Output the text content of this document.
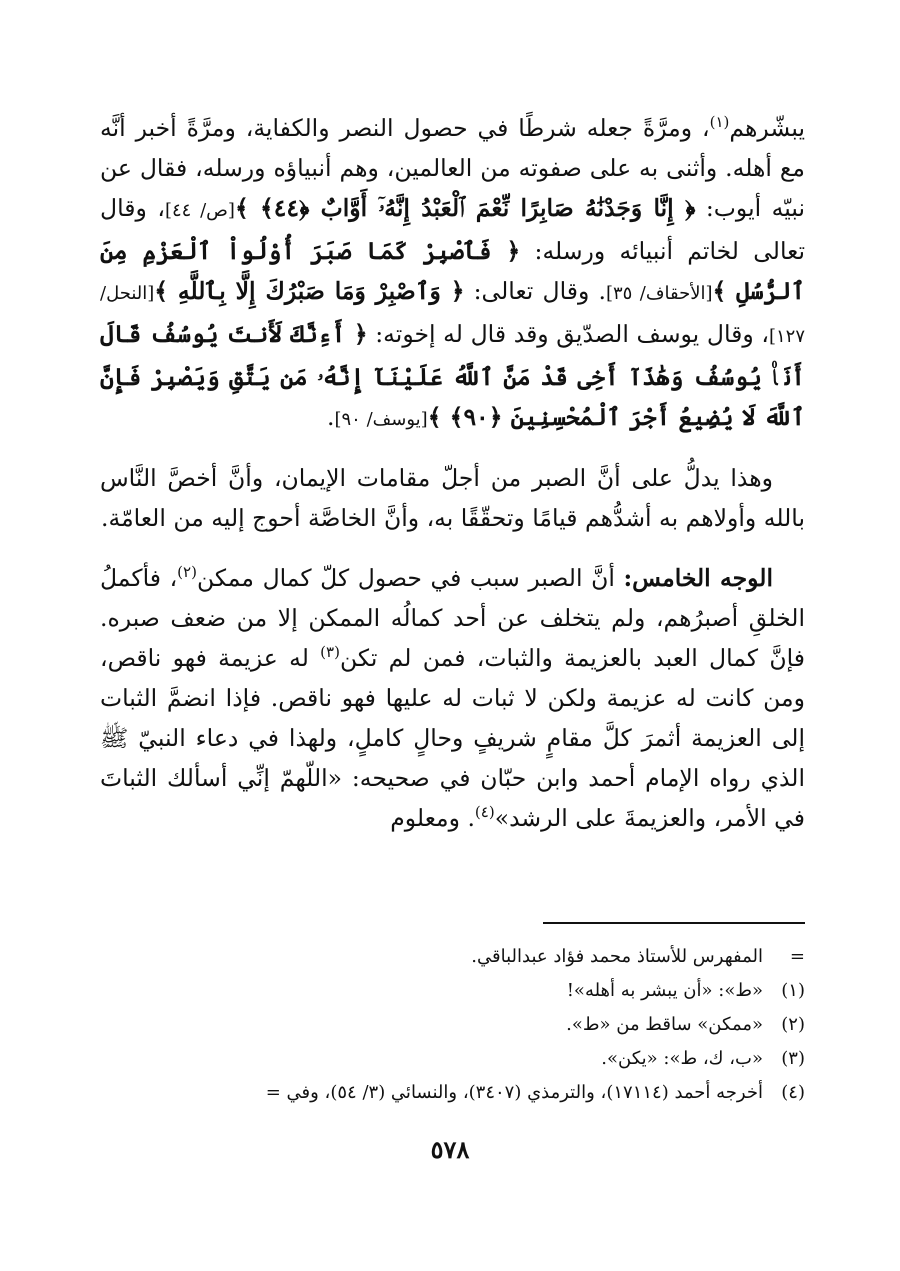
يبشّرهم$^{(١)}$، ومرَّةً جعله شرطًا في حصول النصر والكفاية، ومرَّةً أخبر أنَّه مع أهله. وأثنى به على صفوته من العالمين، وهم أنبياؤه ورسله، فقال عن نبيّه أيوب: ﴿ إِنَّا وَجَدْنَٰهُ صَابِرًا نِّعْمَ ٱلْعَبْدُ إِنَّهُۥٓ أَوَّابٌ ﴿٤٤﴾ ﴾[ص/ ٤٤]، وقال تعالى لخاتم أنبيائه ورسله: ﴿ فَٱصْبِرْ كَمَا صَبَرَ أُوْلُواْ ٱلْعَزْمِ مِنَ ٱلرُّسُلِ ﴾[الأحقاف/ ٣٥]. وقال تعالى: ﴿ وَٱصْبِرْ وَمَا صَبْرُكَ إِلَّا بِٱللَّهِ ﴾[النحل/ ١٢٧]، وقال يوسف الصدّيق وقد قال له إخوته: ﴿ أَءِنَّكَ لَأَنتَ يُوسُفُ قَالَ أَنَا۠ يُوسُفُ وَهَٰذَآ أَخِى قَدْ مَنَّ ٱللَّهُ عَلَيْنَآ إِنَّهُۥ مَن يَتَّقِ وَيَصْبِرْ فَإِنَّ ٱللَّهَ لَا يُضِيعُ أَجْرَ ٱلْمُحْسِنِينَ ﴿٩٠﴾ ﴾[يوسف/ ٩٠].

وهذا يدلُّ على أنَّ الصبر من أجلّ مقامات الإيمان، وأنَّ أخصَّ النَّاس بالله وأولاهم به أشدُّهم قيامًا وتحقّقًا به، وأنَّ الخاصَّة أحوج إليه من العامّة.

الوجه الخامس: أنَّ الصبر سبب في حصول كلّ كمال ممكن$^{(٢)}$، فأكملُ الخلقِ أصبرُهم، ولم يتخلف عن أحد كمالُه الممكن إلا من ضعف صبره. فإنَّ كمال العبد بالعزيمة والثبات، فمن لم تكن$^{(٣)}$ له عزيمة فهو ناقص، ومن كانت له عزيمة ولكن لا ثبات له عليها فهو ناقص. فإذا انضمَّ الثبات إلى العزيمة أثمرَ كلَّ مقامٍ شريفٍ وحالٍ كاملٍ، ولهذا في دعاء النبيّ ﷺ الذي رواه الإمام أحمد وابن حبّان في صحيحه: «اللّهمّ إنِّي أسألك الثباتَ في الأمر، والعزيمةَ على الرشد»$^{(٤)}$. ومعلوم

=المفهرس للأستاذ محمد فؤاد عبدالباقي.
(١)«ط»: «أن يبشر به أهله»!
(٢)«ممكن» ساقط من «ط».
(٣)«ب، ك، ط»: «يكن».
(٤)أخرجه أحمد (١٧١١٤)، والترمذي (٣٤٠٧)، والنسائي (٣/ ٥٤)، وفي =
٥٧٨
